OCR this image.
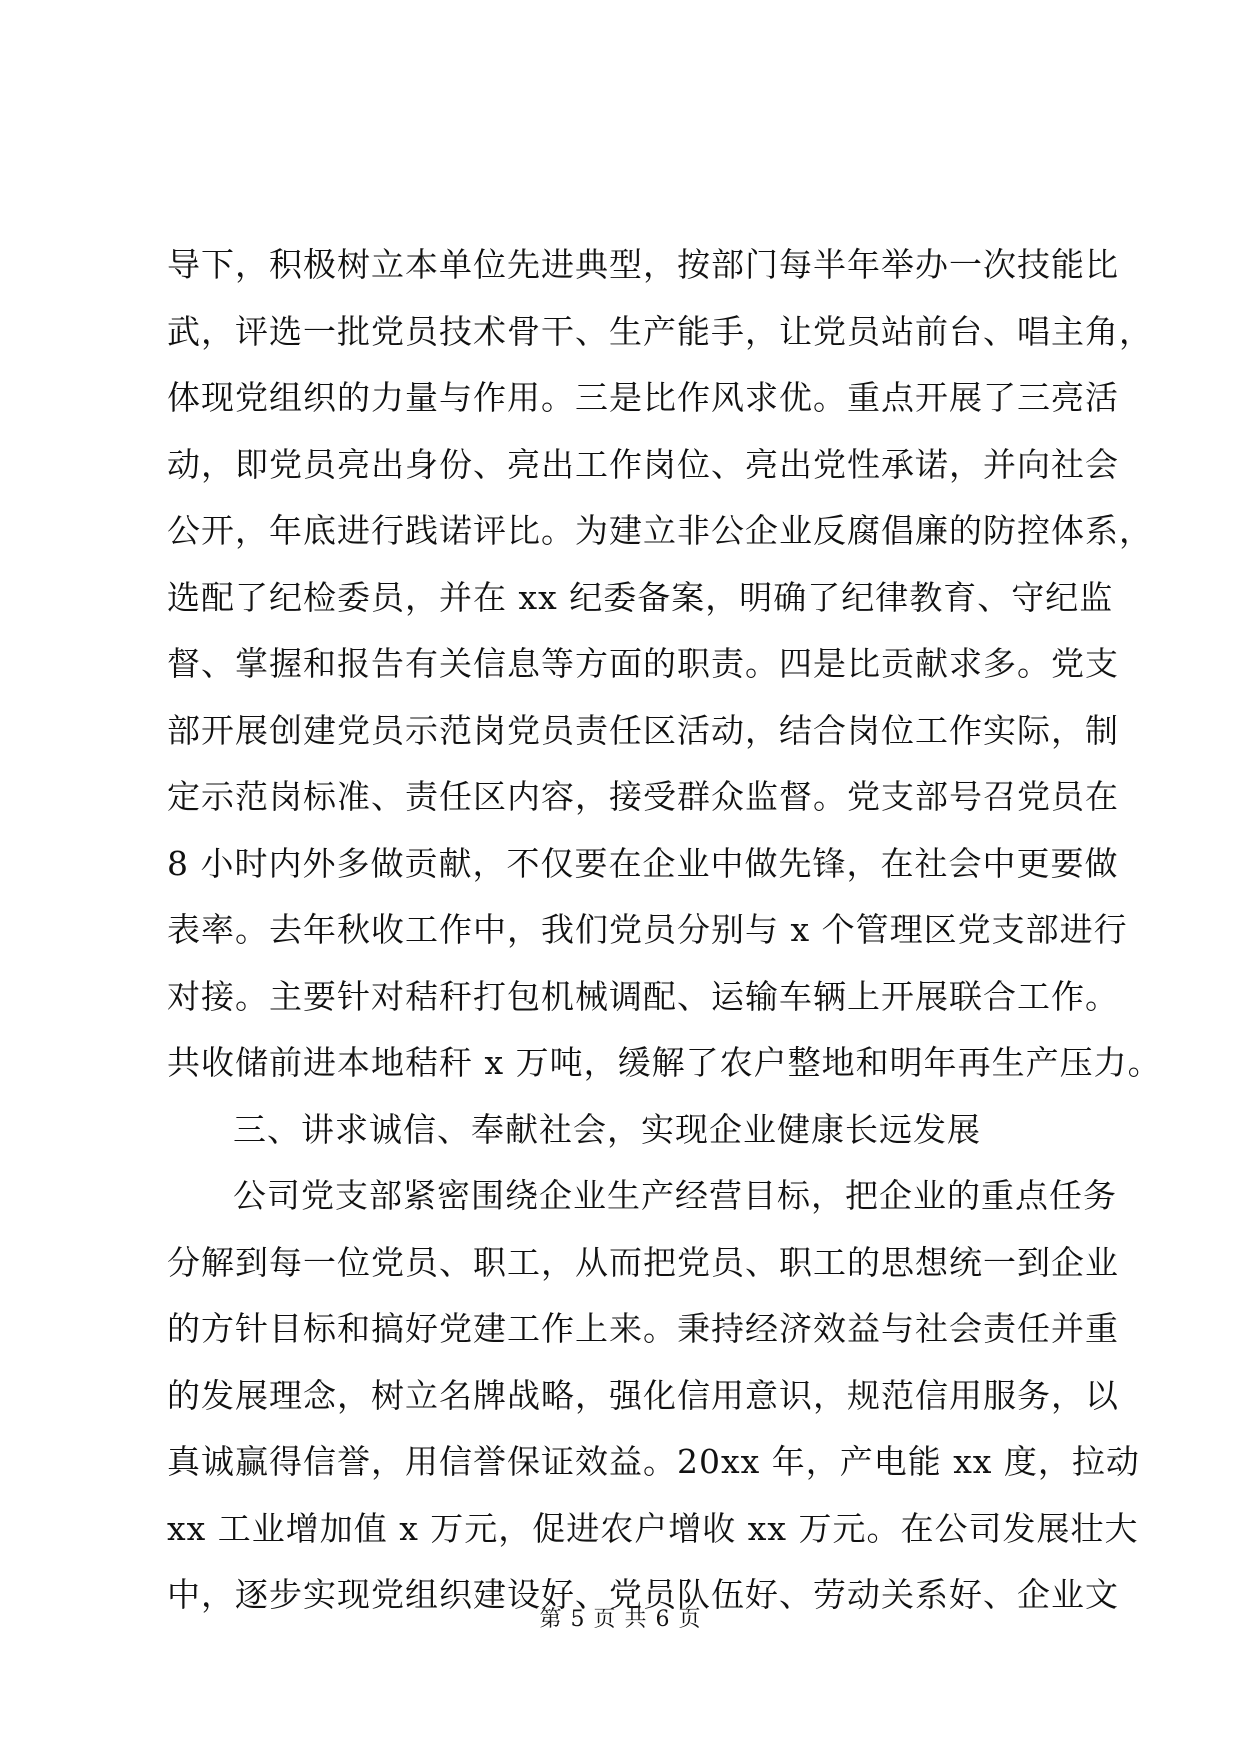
导下，积极树立本单位先进典型，按部门每半年举办一次技能比
武，评选一批党员技术骨干、生产能手，让党员站前台、唱主角，
体现党组织的力量与作用。三是比作风求优。重点开展了三亮活
动，即党员亮出身份、亮出工作岗位、亮出党性承诺，并向社会
公开，年底进行践诺评比。为建立非公企业反腐倡廉的防控体系，
选配了纪检委员，并在 xx 纪委备案，明确了纪律教育、守纪监
督、掌握和报告有关信息等方面的职责。四是比贡献求多。党支
部开展创建党员示范岗党员责任区活动，结合岗位工作实际，制
定示范岗标准、责任区内容，接受群众监督。党支部号召党员在
8 小时内外多做贡献，不仅要在企业中做先锋，在社会中更要做
表率。去年秋收工作中，我们党员分别与 x 个管理区党支部进行
对接。主要针对秸秆打包机械调配、运输车辆上开展联合工作。
共收储前进本地秸秆 x 万吨，缓解了农户整地和明年再生产压力。
三、讲求诚信、奉献社会，实现企业健康长远发展
公司党支部紧密围绕企业生产经营目标，把企业的重点任务
分解到每一位党员、职工，从而把党员、职工的思想统一到企业
的方针目标和搞好党建工作上来。秉持经济效益与社会责任并重
的发展理念，树立名牌战略，强化信用意识，规范信用服务，以
真诚赢得信誉，用信誉保证效益。20xx 年，产电能 xx 度，拉动
xx 工业增加值 x 万元，促进农户增收 xx 万元。在公司发展壮大
中，逐步实现党组织建设好、党员队伍好、劳动关系好、企业文
第 5 页 共 6 页
